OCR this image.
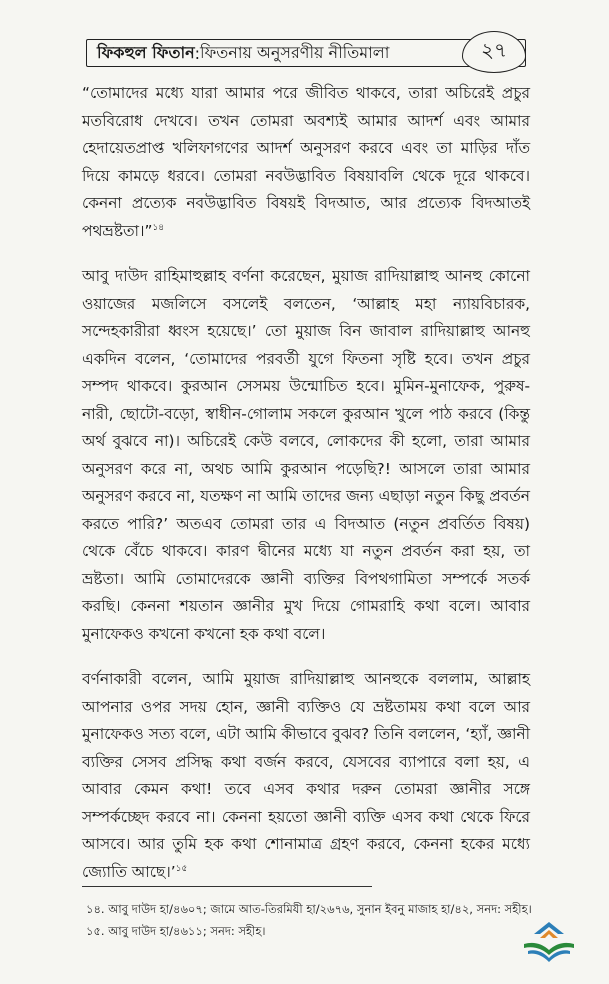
ফিকহুল ফিতান : ফিতনায় অনুসরণীয় নীতিমালা	২৭

“তোমাদের মধ্যে যারা আমার পরে জীবিত থাকবে, তারা অচিরেই প্রচুর মতবিরোধ দেখবে। তখন তোমরা অবশ্যই আমার আদর্শ এবং আমার হেদায়েতপ্রাপ্ত খলিফাগণের আদর্শ অনুসরণ করবে এবং তা মাড়ির দাঁত দিয়ে কামড়ে ধরবে। তোমরা নবউদ্ভাবিত বিষয়াবলি থেকে দূরে থাকবে। কেননা প্রত্যেক নবউদ্ভাবিত বিষয়ই বিদআত, আর প্রত্যেক বিদআতই পথভ্রষ্টতা।”$^{১৪}$

আবু দাউদ রাহিমাহুল্লাহ বর্ণনা করেছেন, মুয়াজ রাদিয়াল্লাহু আনহু কোনো ওয়াজের মজলিসে বসলেই বলতেন, ‘আল্লাহ মহা ন্যায়বিচারক, সন্দেহকারীরা ধ্বংস হয়েছে।’ তো মুয়াজ বিন জাবাল রাদিয়াল্লাহু আনহু একদিন বলেন, ‘তোমাদের পরবর্তী যুগে ফিতনা সৃষ্টি হবে। তখন প্রচুর সম্পদ থাকবে। কুরআন সেসময় উন্মোচিত হবে। মুমিন-মুনাফেক, পুরুষ-নারী, ছোটো-বড়ো, স্বাধীন-গোলাম সকলে কুরআন খুলে পাঠ করবে (কিন্তু অর্থ বুঝবে না)। অচিরেই কেউ বলবে, লোকদের কী হলো, তারা আমার অনুসরণ করে না, অথচ আমি কুরআন পড়েছি?! আসলে তারা আমার অনুসরণ করবে না, যতক্ষণ না আমি তাদের জন্য এছাড়া নতুন কিছু প্রবর্তন করতে পারি?’ অতএব তোমরা তার এ বিদআত (নতুন প্রবর্তিত বিষয়) থেকে বেঁচে থাকবে। কারণ দ্বীনের মধ্যে যা নতুন প্রবর্তন করা হয়, তা ভ্রষ্টতা। আমি তোমাদেরকে জ্ঞানী ব্যক্তির বিপথগামিতা সম্পর্কে সতর্ক করছি। কেননা শয়তান জ্ঞানীর মুখ দিয়ে গোমরাহি কথা বলে। আবার মুনাফেকও কখনো কখনো হক কথা বলে।

বর্ণনাকারী বলেন, আমি মুয়াজ রাদিয়াল্লাহু আনহুকে বললাম, আল্লাহ আপনার ওপর সদয় হোন, জ্ঞানী ব্যক্তিও যে ভ্রষ্টতাময় কথা বলে আর মুনাফেকও সত্য বলে, এটা আমি কীভাবে বুঝব? তিনি বললেন, ‘হ্যাঁ, জ্ঞানী ব্যক্তির সেসব প্রসিদ্ধ কথা বর্জন করবে, যেসবের ব্যাপারে বলা হয়, এ আবার কেমন কথা! তবে এসব কথার দরুন তোমরা জ্ঞানীর সঙ্গে সম্পর্কচ্ছেদ করবে না। কেননা হয়তো জ্ঞানী ব্যক্তি এসব কথা থেকে ফিরে আসবে। আর তুমি হক কথা শোনামাত্র গ্রহণ করবে, কেননা হকের মধ্যে জ্যোতি আছে।’$^{১৫}$

১৪. আবু দাউদ হা/৪৬০৭; জামে আত-তিরমিযী হা/২৬৭৬, সুনান ইবনু মাজাহ হা/৪২, সনদ: সহীহ।
১৫. আবু দাউদ হা/৪৬১১; সনদ: সহীহ।
